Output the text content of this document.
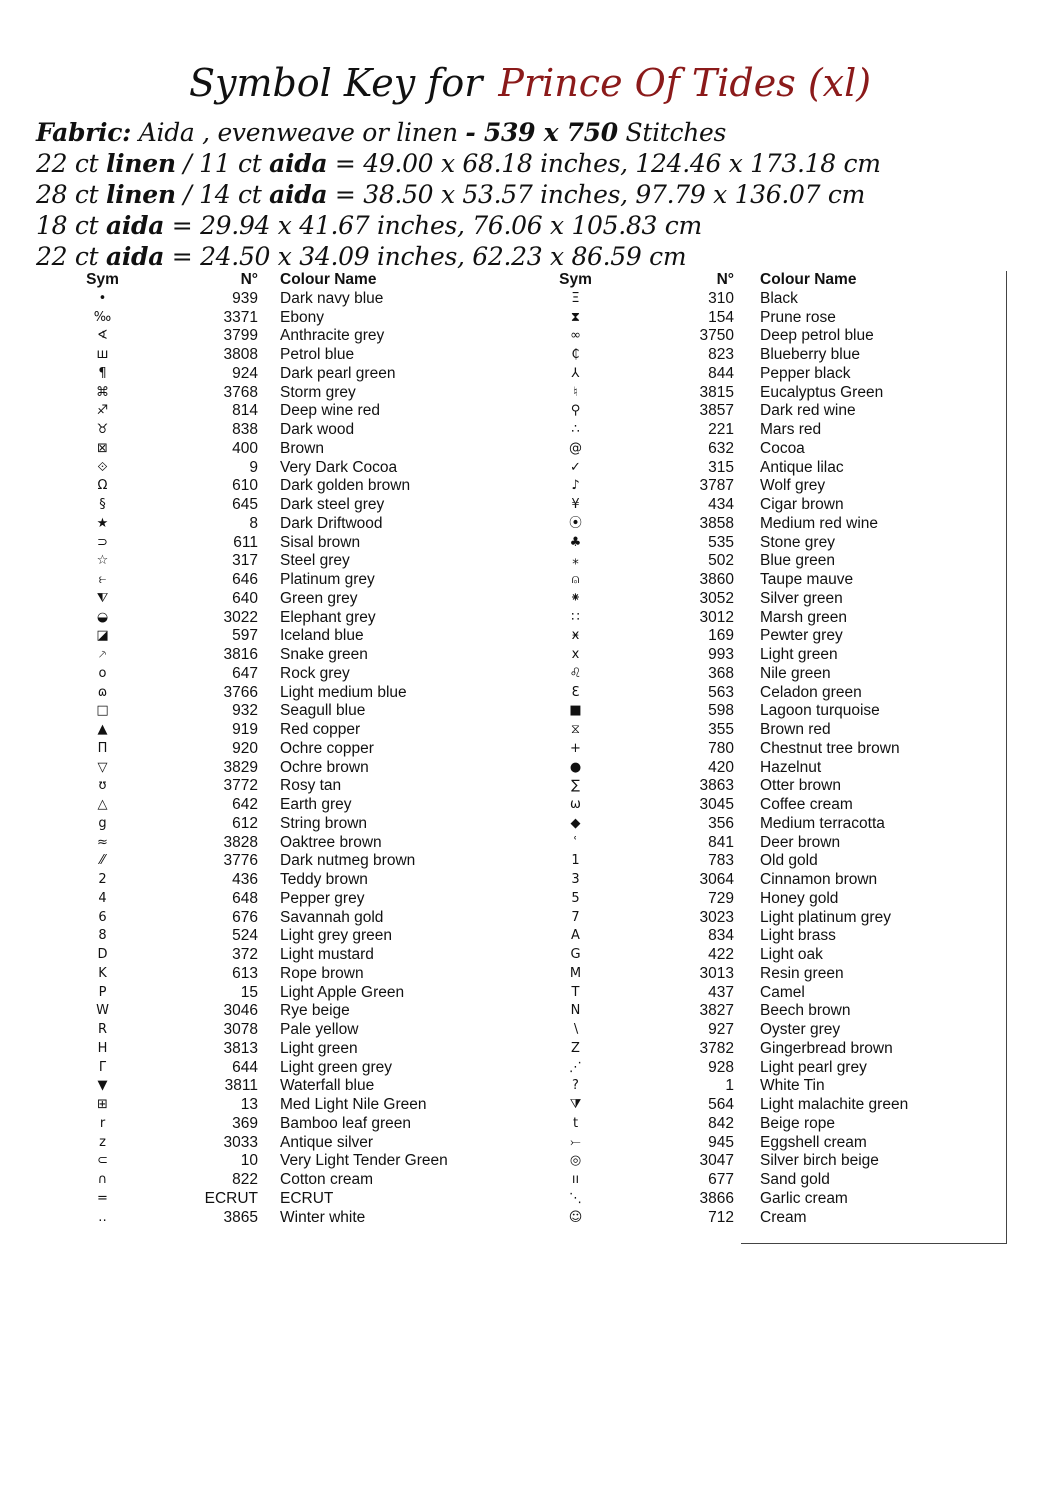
Symbol Key for Prince Of Tides (xl)
Fabric: Aida , evenweave or linen - 539 x 750 Stitches
22 ct linen / 11 ct aida = 49.00 x 68.18 inches, 124.46 x 173.18 cm
28 ct linen / 14 ct aida = 38.50 x 53.57 inches, 97.79 x 136.07 cm
18 ct aida = 29.94 x 41.67 inches, 76.06 x 105.83 cm
22 ct aida = 24.50 x 34.09 inches, 62.23 x 86.59 cm
Sym	N° Colour Name
•	939 Dark navy blue
‰	3371 Ebony
∢	3799 Anthracite grey
ш	3808 Petrol blue
¶	924 Dark pearl green
⌘	3768 Storm grey
♐	814 Deep wine red
♉	838 Dark wood
⊠	400 Brown
⟐	9 Very Dark Cocoa
Ω	610 Dark golden brown
§	645 Dark steel grey
★	8 Dark Driftwood
⊃	611 Sisal brown
☆	317 Steel grey
⥼	646 Platinum grey
⧨	640 Green grey
◒	3022 Elephant grey
◪	597 Iceland blue
⸕	3816 Snake green
o	647 Rock grey
ɷ	3766 Light medium blue
□	932 Seagull blue
▲	919 Red copper
Π	920 Ochre copper
▽	3829 Ochre brown
ʊ	3772 Rosy tan
△	642 Earth grey
g	612 String brown
≈	3828 Oaktree brown
⁄⁄	3776 Dark nutmeg brown
2	436 Teddy brown
4	648 Pepper grey
6	676 Savannah gold
8	524 Light grey green
D	372 Light mustard
K	613 Rope brown
P	15 Light Apple Green
W	3046 Rye beige
R	3078 Pale yellow
H	3813 Light green
Γ	644 Light green grey
▼	3811 Waterfall blue
⊞	13 Med Light Nile Green
r	369 Bamboo leaf green
z	3033 Antique silver
⊂	10 Very Light Tender Green
∩	822 Cotton cream
=	ECRUT ECRUT
‥	3865 Winter white
Sym	N° Colour Name
Ξ	310 Black
⧗	154 Prune rose
∞	3750 Deep petrol blue
₵	823 Blueberry blue
⅄	844 Pepper black
♮	3815 Eucalyptus Green
⚲	3857 Dark red wine
∴	221 Mars red
@	632 Cocoa
✓	315 Antique lilac
♪	3787 Wolf grey
¥	434 Cigar brown
⦿	3858 Medium red wine
♣	535 Stone grey
⁎	502 Blue green
⍝	3860 Taupe mauve
⁕	3052 Silver green
∷	3012 Marsh green
ӿ	169 Pewter grey
x	993 Light green
♌	368 Nile green
Ɛ	563 Celadon green
■	598 Lagoon turquoise
⧖	355 Brown red
+	780 Chestnut tree brown
●	420 Hazelnut
∑	3863 Otter brown
ω	3045 Coffee cream
◆	356 Medium terracotta
ʿ	841 Deer brown
1	783 Old gold
3	3064 Cinnamon brown
5	729 Honey gold
7	3023 Light platinum grey
A	834 Light brass
G	422 Light oak
M	3013 Resin green
T	437 Camel
N	3827 Beech brown
∖	927 Oyster grey
Z	3782 Gingerbread brown
⋰	928 Light pearl grey
?	1 White Tin
⧩	564 Light malachite green
t	842 Beige rope
⤚	945 Eggshell cream
◎	3047 Silver birch beige
ıı	677 Sand gold
⋱	3866 Garlic cream
☺	712 Cream
